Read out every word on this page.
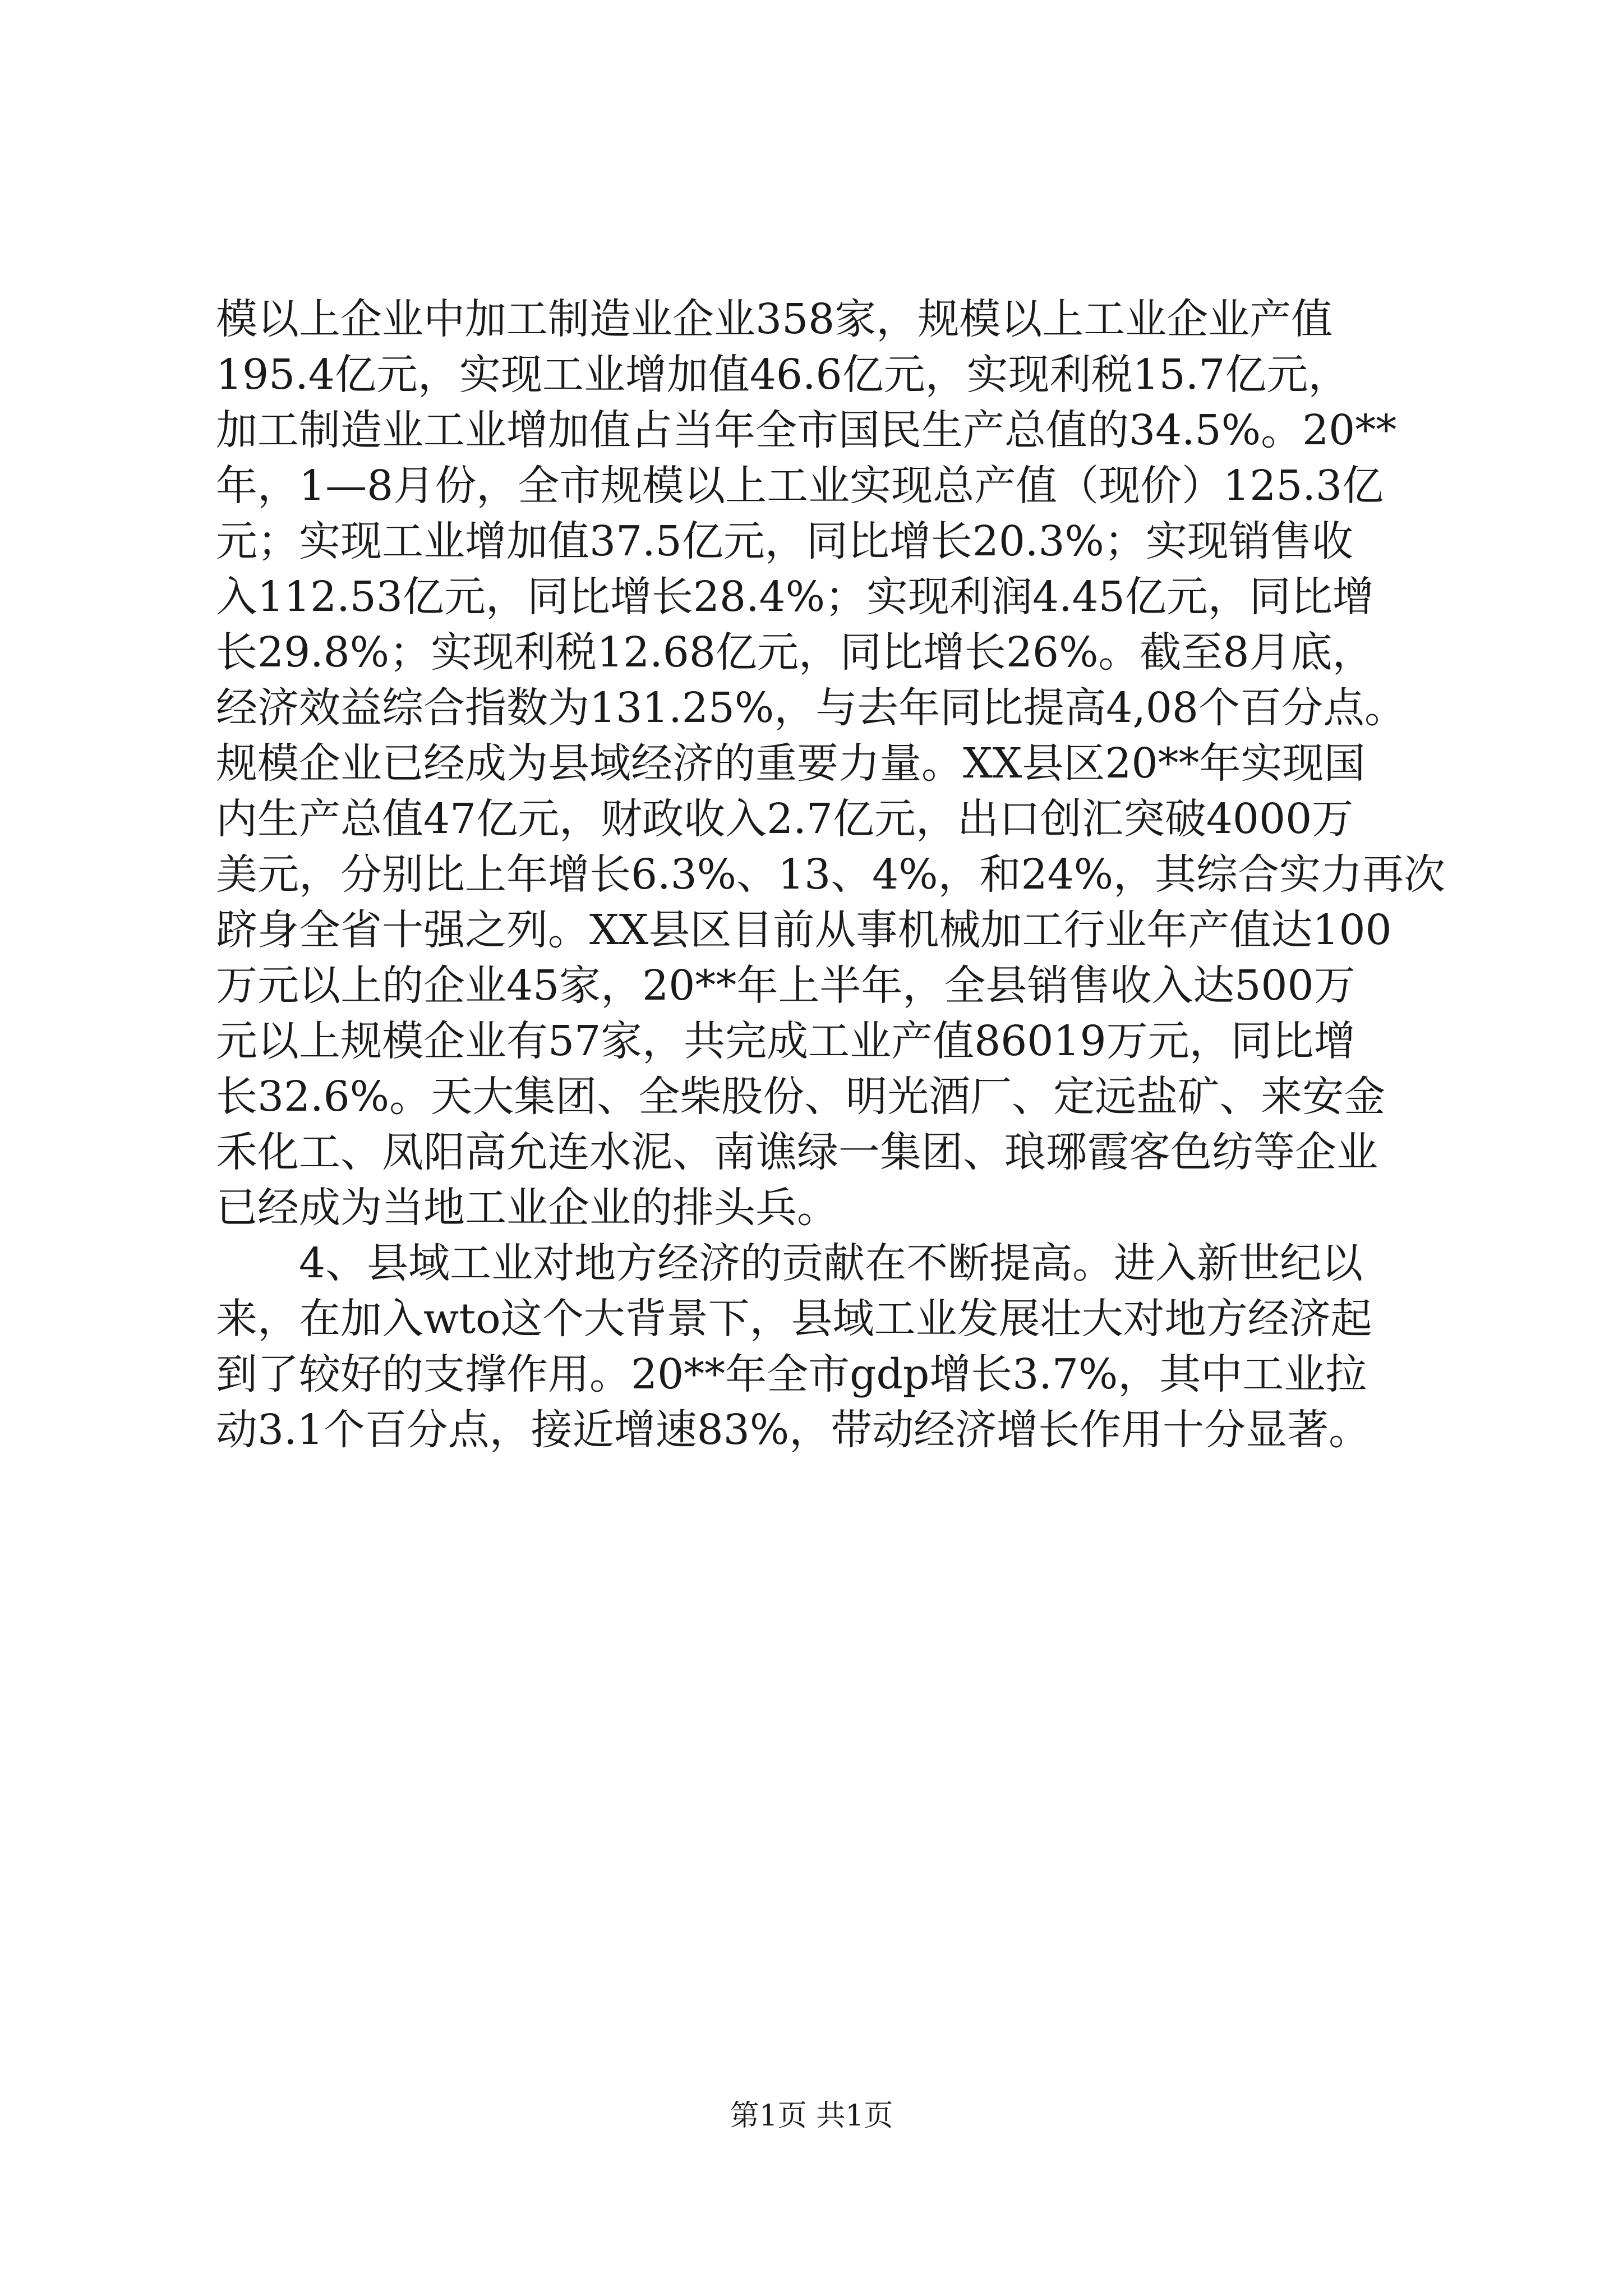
模以上企业中加工制造业企业358家，规模以上工业企业产值
195.4亿元，实现工业增加值46.6亿元，实现利税15.7亿元，
加工制造业工业增加值占当年全市国民生产总值的34.5%。20**
年，1—8月份，全市规模以上工业实现总产值（现价）125.3亿
元；实现工业增加值37.5亿元，同比增长20.3%；实现销售收
入112.53亿元，同比增长28.4%；实现利润4.45亿元，同比增
长29.8%；实现利税12.68亿元，同比增长26%。截至8月底，
经济效益综合指数为131.25%，与去年同比提高4,08个百分点。
规模企业已经成为县域经济的重要力量。XX县区20**年实现国
内生产总值47亿元，财政收入2.7亿元，出口创汇突破4000万
美元，分别比上年增长6.3%、13、4%，和24%，其综合实力再次
跻身全省十强之列。XX县区目前从事机械加工行业年产值达100
万元以上的企业45家，20**年上半年，全县销售收入达500万
元以上规模企业有57家，共完成工业产值86019万元，同比增
长32.6%。天大集团、全柴股份、明光酒厂、定远盐矿、来安金
禾化工、凤阳高允连水泥、南谯绿一集团、琅琊霞客色纺等企业
已经成为当地工业企业的排头兵。
4、县域工业对地方经济的贡献在不断提高。进入新世纪以
来，在加入wto这个大背景下，县域工业发展壮大对地方经济起
到了较好的支撑作用。20**年全市gdp增长3.7%，其中工业拉
动3.1个百分点，接近增速83%，带动经济增长作用十分显著。
第1页 共1页
